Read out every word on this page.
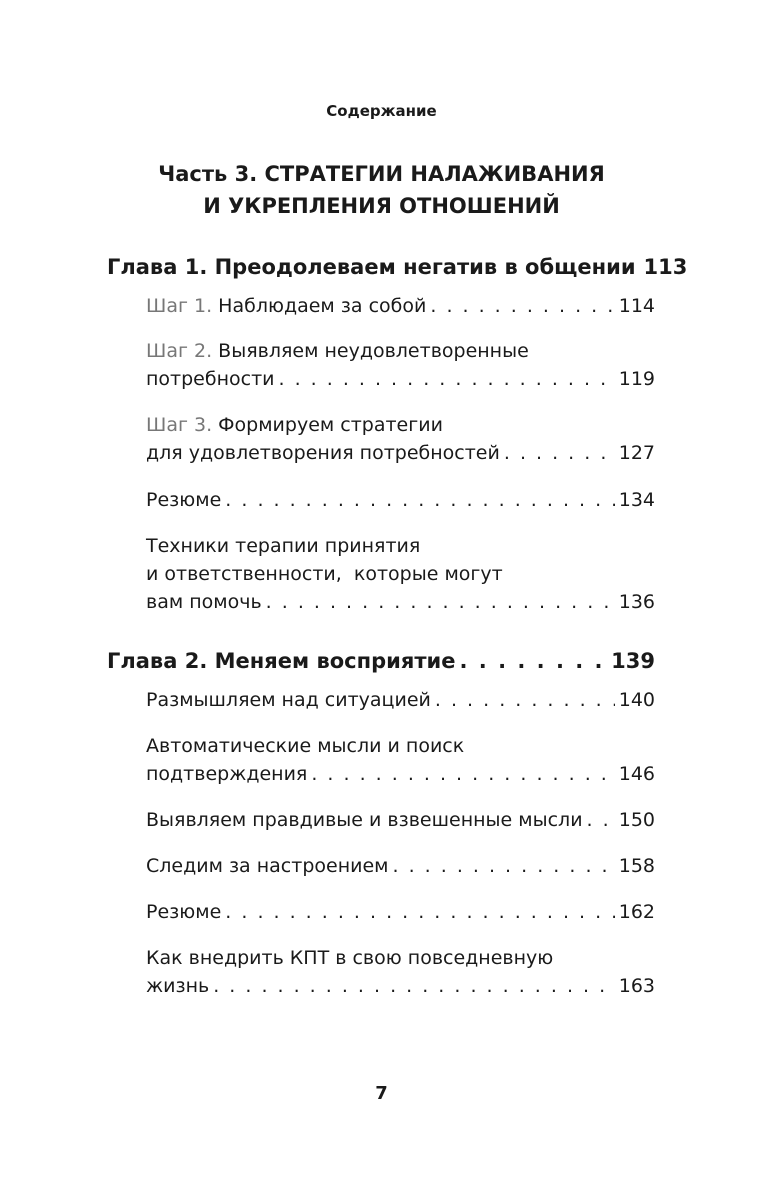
Содержание
Часть 3. СТРАТЕГИИ НАЛАЖИВАНИЯ
И УКРЕПЛЕНИЯ ОТНОШЕНИЙ
Глава 1. Преодолеваем негатив в общении 113
Шаг 1. Наблюдаем за собой . . .	114
Шаг 2. Выявляем неудовлетворенные
потребности . . .	119
Шаг 3. Формируем стратегии
для удовлетворения потребностей . . .	127
Резюме . . .	134
Техники терапии принятия
и ответственности,  которые могут
вам помочь . . .	136
Глава 2. Меняем восприятие . . .	139
Размышляем над ситуацией . . .	140
Автоматические мысли и поиск
подтверждения . . .	146
Выявляем правдивые и взвешенные мысли . . . 150
Следим за настроением . . .	158
Резюме . . .	162
Как внедрить КПТ в свою повседневную
жизнь . . .	163
7
